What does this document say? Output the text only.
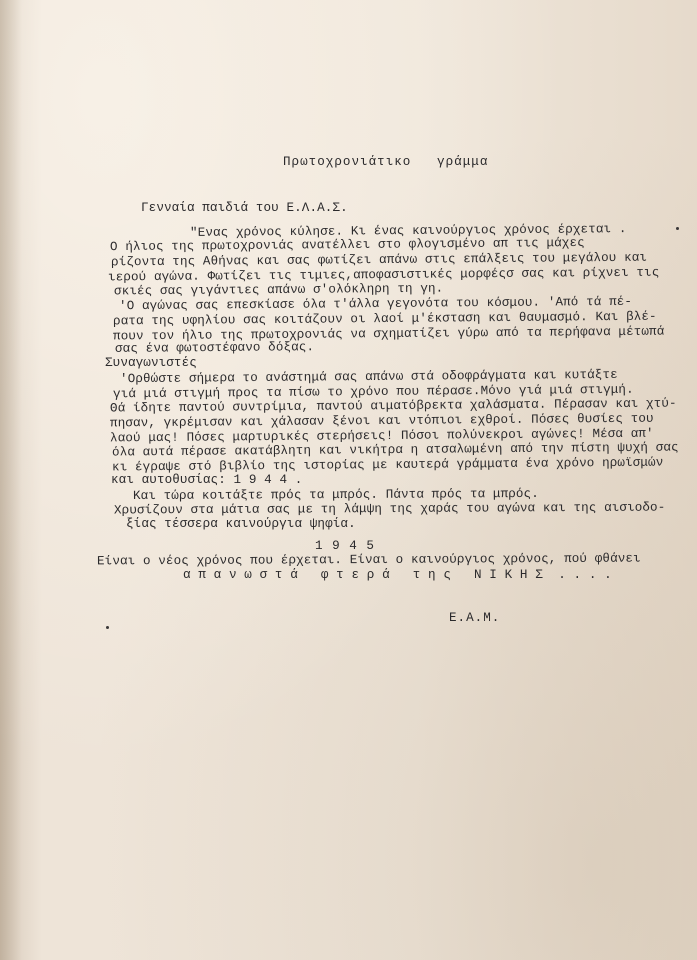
Πρωτοχρονιάτικο   γράμμα
Γενναία παιδιά του Ε.Λ.Α.Σ.
"Ενας χρόνος κύλησε. Κι ένας καινούργιος χρόνος έρχεται .
Ο ήλιος της πρωτοχρονιάς ανατέλλει στο φλογισμένο απ τις μάχες
ρίζοντα της Αθήνας και σας φωτίζει απάνω στις επάλξεις του μεγάλου και
ιερού αγώνα. Φωτίζει τις τιμιες,αποφασιστικές μορφέςσ σας και ρίχνει τις
σκιές σας γιγάντιες απάνω σ'ολόκληρη τη γη.
'Ο αγώνας σας επεσκίασε όλα τ'άλλα γεγονότα του κόσμου. 'Από τά πέ-
ρατα της υφηλίου σας κοιτάζουν οι λαοί μ'έκσταση και θαυμασμό. Και βλέ-
πουν τον ήλιο της πρωτοχρονιάς να σχηματίζει γύρω από τα περήφανα μέτωπά
σας ένα φωτοστέφανο δόξας.
Συναγωνιστές
'Ορθώστε σήμερα το ανάστημά σας απάνω στά οδοφράγματα και κυτάξτε
γιά μιά στιγμή προς τα πίσω το χρόνο που πέρασε.Μόνο γιά μιά στιγμή.
Θά ίδητε παντού συντρίμια, παντού αιματόβρεκτα χαλάσματα. Πέρασαν και χτύ-
πησαν, γκρέμισαν και χάλασαν ξένοι και ντόπιοι εχθροί. Πόσες θυσίες του
λαού μας! Πόσες μαρτυρικές στερήσεις! Πόσοι πολύνεκροι αγώνες! Μέσα απ'
όλα αυτά πέρασε ακατάβλητη και νικήτρα η ατσαλωμένη από την πίστη ψυχή σας
κι έγραψε στό βιβλίο της ιστορίας με καυτερά γράμματα ένα χρόνο ηρωϊσμών
και αυτοθυσίας: 1 9 4 4 .
Και τώρα κοιτάξτε πρός τα μπρός. Πάντα πρός τα μπρός.
Χρυσίζουν στα μάτια σας με τη λάμψη της χαράς του αγώνα και της αισιοδο-
ξίας τέσσερα καινούργια ψηφία.
1 9 4 5
Είναι ο νέος χρόνος που έρχεται. Είναι ο καινούργιος χρόνος, πού φθάνει
α π α ν ω σ τ ά   φ τ ε ρ ά   τ η ς   Ν Ι Κ Η Σ  . . . .
Ε.Α.Μ.
